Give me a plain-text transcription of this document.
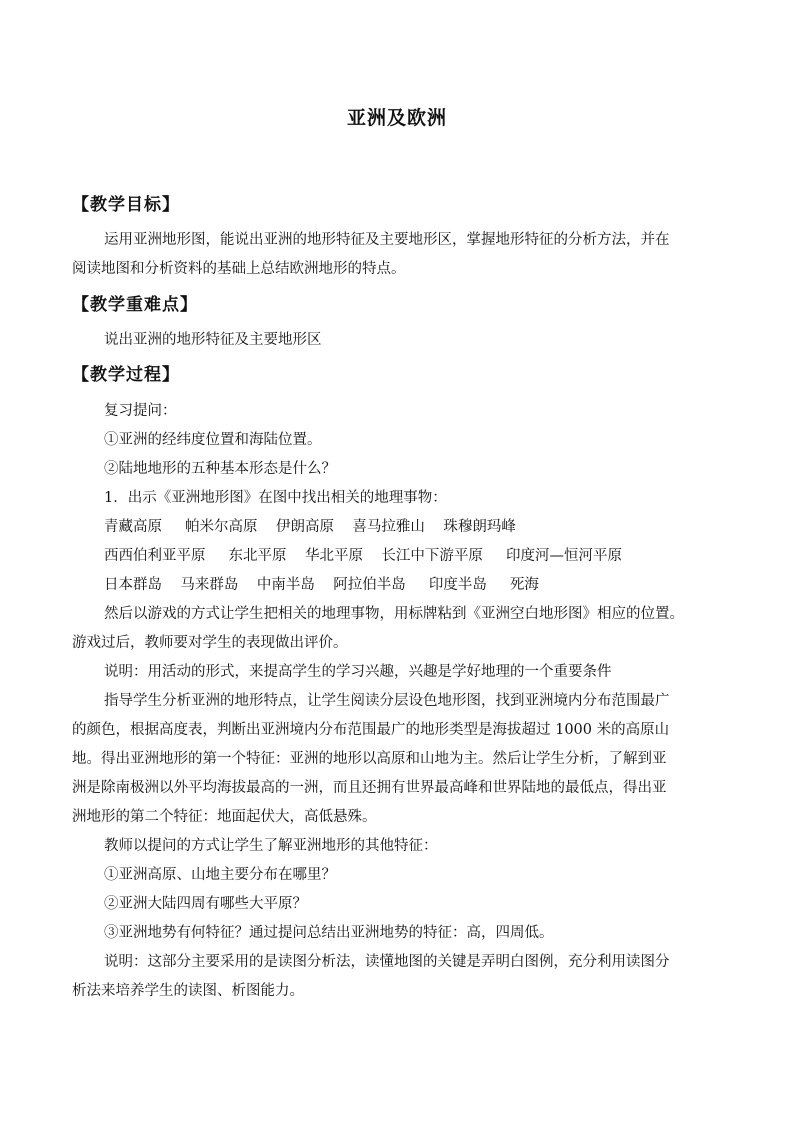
亚洲及欧洲
【教学目标】
运用亚洲地形图，能说出亚洲的地形特征及主要地形区，掌握地形特征的分析方法，并在
阅读地图和分析资料的基础上总结欧洲地形的特点。
【教学重难点】
说出亚洲的地形特征及主要地形区
【教学过程】
复习提问：
①亚洲的经纬度位置和海陆位置。
②陆地地形的五种基本形态是什么？
1．出示《亚洲地形图》在图中找出相关的地理事物：
青藏高原     帕米尔高原    伊朗高原    喜马拉雅山    珠穆朗玛峰
西西伯利亚平原     东北平原    华北平原    长江中下游平原     印度河—恒河平原
日本群岛    马来群岛    中南半岛    阿拉伯半岛     印度半岛     死海
然后以游戏的方式让学生把相关的地理事物，用标牌粘到《亚洲空白地形图》相应的位置。
游戏过后，教师要对学生的表现做出评价。
说明：用活动的形式，来提高学生的学习兴趣，兴趣是学好地理的一个重要条件
指导学生分析亚洲的地形特点，让学生阅读分层设色地形图，找到亚洲境内分布范围最广
的颜色，根据高度表，判断出亚洲境内分布范围最广的地形类型是海拔超过 1000 米的高原山
地。得出亚洲地形的第一个特征：亚洲的地形以高原和山地为主。然后让学生分析，了解到亚
洲是除南极洲以外平均海拔最高的一洲，而且还拥有世界最高峰和世界陆地的最低点，得出亚
洲地形的第二个特征：地面起伏大，高低悬殊。
教师以提问的方式让学生了解亚洲地形的其他特征：
①亚洲高原、山地主要分布在哪里？
②亚洲大陆四周有哪些大平原？
③亚洲地势有何特征？通过提问总结出亚洲地势的特征：高，四周低。
说明：这部分主要采用的是读图分析法，读懂地图的关键是弄明白图例，充分利用读图分
析法来培养学生的读图、析图能力。
